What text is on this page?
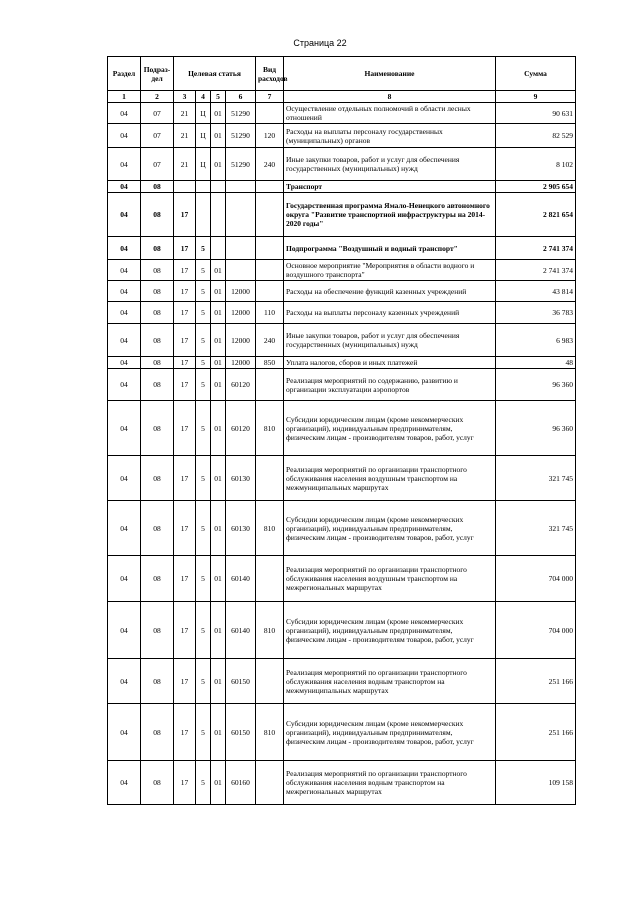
Страница 22
Раздел	Подраз-дел	Целевая статья				Вид расходов	Наименование	Сумма
1	2	3	4	5	6	7	8	9
04	07	21	Ц	01	51290		Осуществление отдельных полномочий в области лесных отношений	90 631
04	07	21	Ц	01	51290	120	Расходы на выплаты персоналу государственных (муниципальных) органов	82 529
04	07	21	Ц	01	51290	240	Иные закупки товаров, работ и услуг для обеспечения государственных (муниципальных) нужд	8 102
04	08						Транспорт	2 905 654
04	08	17					Государственная программа Ямало-Ненецкого автономного округа "Развитие транспортной инфраструктуры на 2014-2020 годы"	2 821 654
04	08	17	5				Подпрограмма "Воздушный и водный транспорт"	2 741 374
04	08	17	5	01			Основное мероприятие "Мероприятия в области водного и воздушного транспорта"	2 741 374
04	08	17	5	01	12000		Расходы на обеспечение функций казенных учреждений	43 814
04	08	17	5	01	12000	110	Расходы на выплаты персоналу казенных учреждений	36 783
04	08	17	5	01	12000	240	Иные закупки товаров, работ и услуг для обеспечения государственных (муниципальных) нужд	6 983
04	08	17	5	01	12000	850	Уплата налогов, сборов и иных платежей	48
04	08	17	5	01	60120		Реализация мероприятий по содержанию, развитию и организации эксплуатации аэропортов	96 360
04	08	17	5	01	60120	810	Субсидии юридическим лицам (кроме некоммерческих организаций), индивидуальным предпринимателям, физическим лицам - производителям товаров, работ, услуг	96 360
04	08	17	5	01	60130		Реализация мероприятий по организации транспортного обслуживания населения воздушным транспортом на межмуниципальных маршрутах	321 745
04	08	17	5	01	60130	810	Субсидии юридическим лицам (кроме некоммерческих организаций), индивидуальным предпринимателям, физическим лицам - производителям товаров, работ, услуг	321 745
04	08	17	5	01	60140		Реализация мероприятий по организации транспортного обслуживания населения воздушным транспортом на межрегиональных маршрутах	704 000
04	08	17	5	01	60140	810	Субсидии юридическим лицам (кроме некоммерческих организаций), индивидуальным предпринимателям, физическим лицам - производителям товаров, работ, услуг	704 000
04	08	17	5	01	60150		Реализация мероприятий по организации транспортного обслуживания населения водным транспортом на межмуниципальных маршрутах	251 166
04	08	17	5	01	60150	810	Субсидии юридическим лицам (кроме некоммерческих организаций), индивидуальным предпринимателям, физическим лицам - производителям товаров, работ, услуг	251 166
04	08	17	5	01	60160		Реализация мероприятий по организации транспортного обслуживания населения водным транспортом на межрегиональных маршрутах	109 158
